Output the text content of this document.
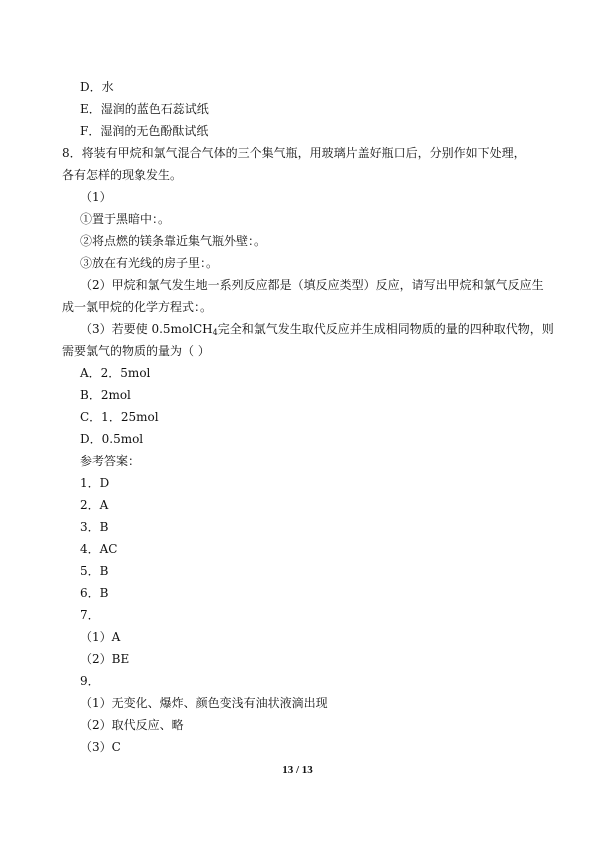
D．水
E．湿润的蓝色石蕊试纸
F．湿润的无色酚酞试纸
8．将装有甲烷和氯气混合气体的三个集气瓶，用玻璃片盖好瓶口后，分别作如下处理，
各有怎样的现象发生。
（1）
①置于黑暗中：。
②将点燃的镁条靠近集气瓶外壁：。
③放在有光线的房子里：。
（2）甲烷和氯气发生地一系列反应都是（填反应类型）反应，请写出甲烷和氯气反应生
成一氯甲烷的化学方程式：。
（3）若要使 0.5molCH$_4$完全和氯气发生取代反应并生成相同物质的量的四种取代物，则
需要氯气的物质的量为（ ）
A．2．5mol
B．2mol
C．1．25mol
D．0.5mol
参考答案：
1．D
2．A
3．B
4．AC
5．B
6．B
7．
（1）A
（2）BE
9．
（1）无变化、爆炸、颜色变浅有油状液滴出现
（2）取代反应、略
（3）C
13 / 13
